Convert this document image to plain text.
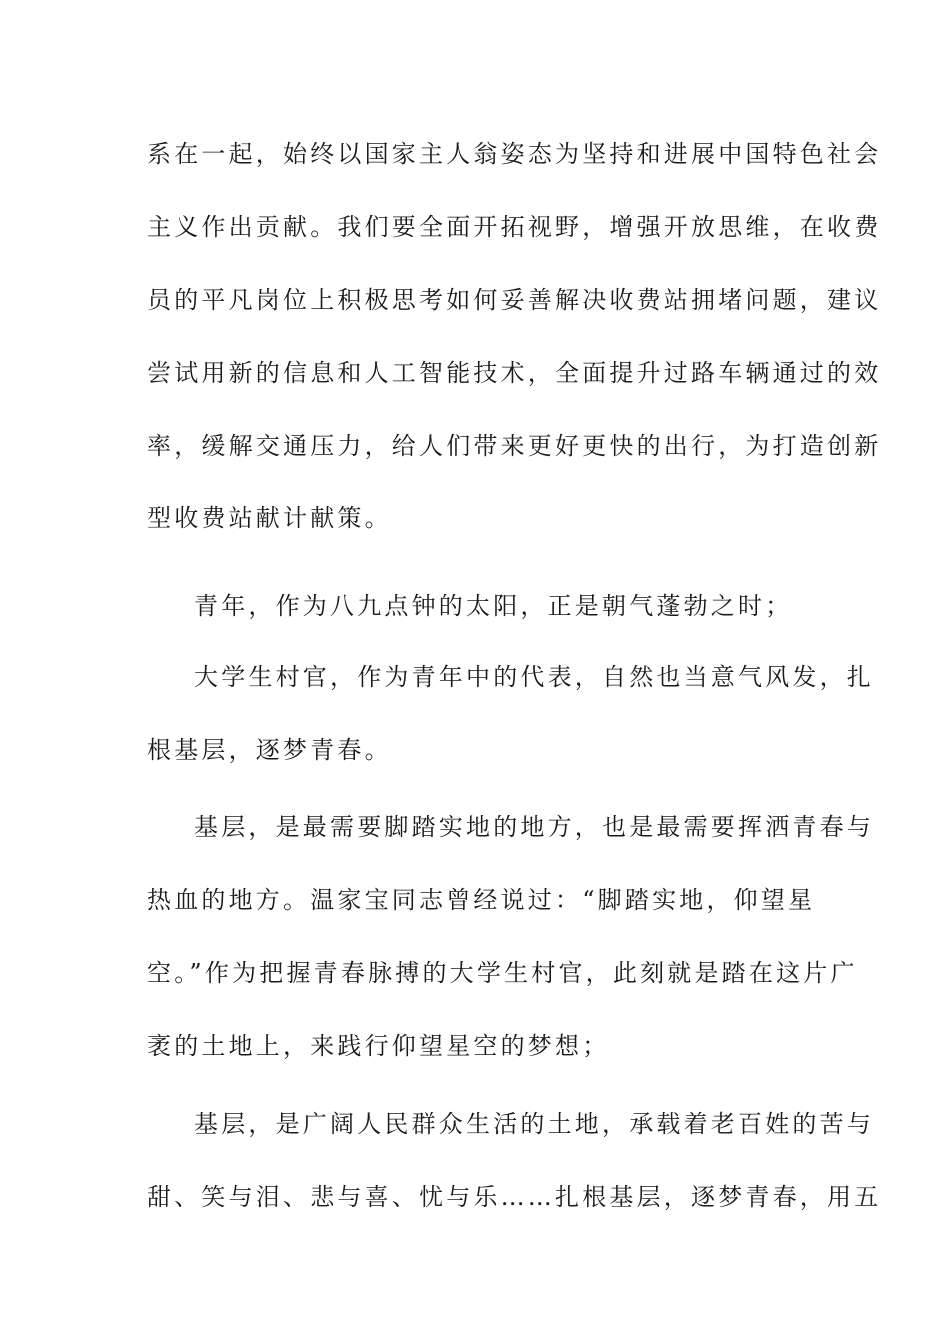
系在一起，始终以国家主人翁姿态为坚持和进展中国特色社会
主义作出贡献。我们要全面开拓视野，增强开放思维，在收费
员的平凡岗位上积极思考如何妥善解决收费站拥堵问题，建议
尝试用新的信息和人工智能技术，全面提升过路车辆通过的效
率，缓解交通压力，给人们带来更好更快的出行，为打造创新
型收费站献计献策。
青年，作为八九点钟的太阳，正是朝气蓬勃之时；
大学生村官，作为青年中的代表，自然也当意气风发，扎
根基层，逐梦青春。
基层，是最需要脚踏实地的地方，也是最需要挥洒青春与
热血的地方。温家宝同志曾经说过：“脚踏实地，仰望星
空。”作为把握青春脉搏的大学生村官，此刻就是踏在这片广
袤的土地上，来践行仰望星空的梦想；
基层，是广阔人民群众生活的土地，承载着老百姓的苦与
甜、笑与泪、悲与喜、忧与乐……扎根基层，逐梦青春，用五
